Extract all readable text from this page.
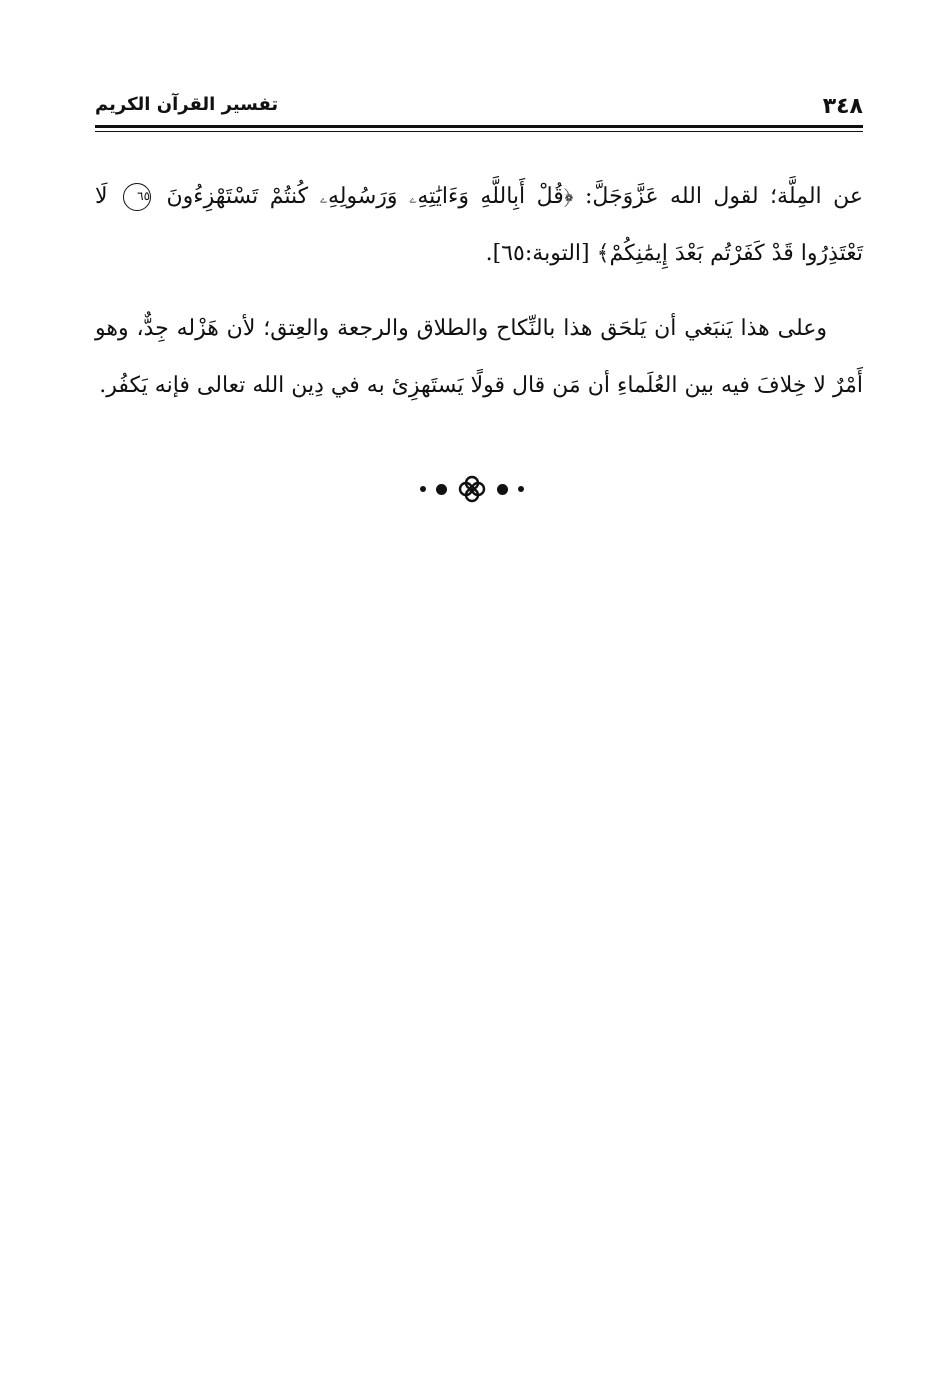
٣٤٨
تفسير القرآن الكريم

عن المِلَّة؛ لقول الله عَزَّوَجَلَّ: ﴿قُلْ أَبِاللَّهِ وَءَايَٰتِهِۦ وَرَسُولِهِۦ كُنتُمْ تَسْتَهْزِءُونَ ٦٥ لَا تَعْتَذِرُوا قَدْ كَفَرْتُم بَعْدَ إِيمَٰنِكُمْ﴾ [التوبة:٦٥].

وعلى هذا يَنبَغي أن يَلحَق هذا بالنِّكاح والطلاق والرجعة والعِتق؛ لأن هَزْله جِدٌّ، وهو أَمْرٌ لا خِلافَ فيه بين العُلَماءِ أن مَن قال قولًا يَستَهزِئ به في دِين الله تعالى فإنه يَكفُر.
